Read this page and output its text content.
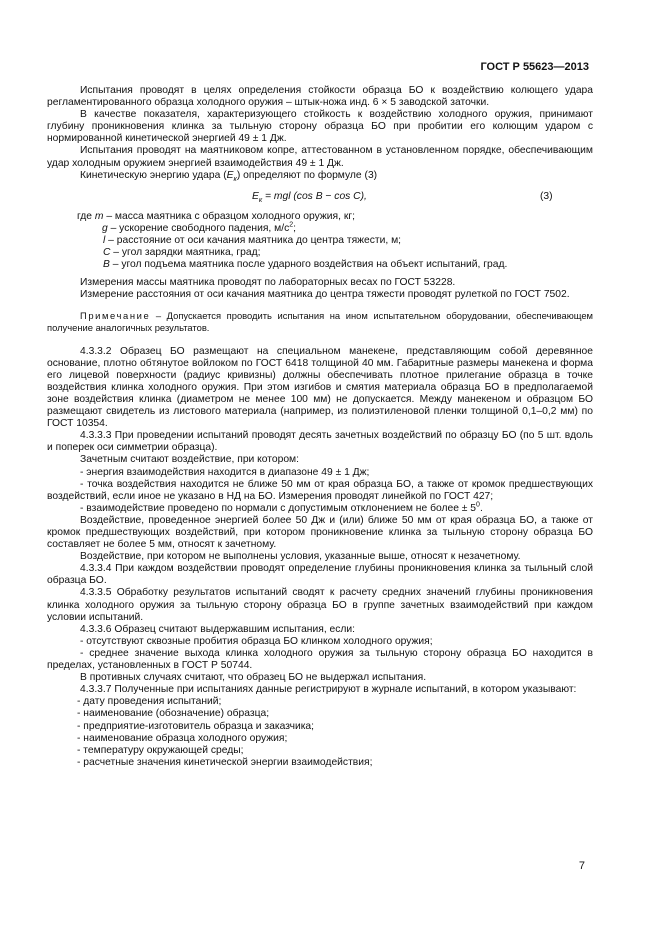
ГОСТ Р 55623—2013

Испытания проводят в целях определения стойкости образца БО к воздействию колющего удара регламентированного образца холодного оружия – штык-ножа инд. 6 × 5 заводской заточки.

В качестве показателя, характеризующего стойкость к воздействию холодного оружия, принимают глубину проникновения клинка за тыльную сторону образца БО при пробитии его колющим ударом с нормированной кинетической энергией 49 ± 1 Дж.

Испытания проводят на маятниковом копре, аттестованном в установленном порядке, обеспечивающим удар холодным оружием энергией взаимодействия 49 ± 1 Дж.

Кинетическую энергию удара $(E_к)$ определяют по формуле (3)

$E_к$ = mgl (cos B − cos C),	(3)

где m – масса маятника с образцом холодного оружия, кг;

g – ускорение свободного падения, $м/с^2$;

l – расстояние от оси качания маятника до центра тяжести, м;

C – угол зарядки маятника, град;

B – угол подъема маятника после ударного воздействия на объект испытаний, град.

Измерения массы маятника проводят по лабораторных весах по ГОСТ 53228.

Измерение расстояния от оси качания маятника до центра тяжести проводят рулеткой по ГОСТ 7502.

Примечание – Допускается проводить испытания на ином испытательном оборудовании, обеспечивающем получение аналогичных результатов.

4.3.3.2 Образец БО размещают на специальном манекене, представляющим собой деревянное основание, плотно обтянутое войлоком по ГОСТ 6418 толщиной 40 мм. Габаритные размеры манекена и форма его лицевой поверхности (радиус кривизны) должны обеспечивать плотное прилегание образца в точке воздействия клинка холодного оружия. При этом изгибов и смятия материала образца БО в предполагаемой зоне воздействия клинка (диаметром не менее 100 мм) не допускается. Между манекеном и образцом БО размещают свидетель из листового материала (например, из полиэтиленовой пленки толщиной 0,1–0,2 мм) по ГОСТ 10354.

4.3.3.3 При проведении испытаний проводят десять зачетных воздействий по образцу БО (по 5 шт. вдоль и поперек оси симметрии образца).

Зачетным считают воздействие, при котором:

- энергия взаимодействия находится в диапазоне 49 ± 1 Дж;

- точка воздействия находится не ближе 50 мм от края образца БО, а также от кромок предшествующих воздействий, если иное не указано в НД на БО. Измерения проводят линейкой по ГОСТ 427;

- взаимодействие проведено по нормали с допустимым отклонением не более ± $5^0$.

Воздействие, проведенное энергией более 50 Дж и (или) ближе 50 мм от края образца БО, а также от кромок предшествующих воздействий, при котором проникновение клинка за тыльную сторону образца БО составляет не более 5 мм, относят к зачетному.

Воздействие, при котором не выполнены условия, указанные выше, относят к незачетному.

4.3.3.4 При каждом воздействии проводят определение глубины проникновения клинка за тыльный слой образца БО.

4.3.3.5 Обработку результатов испытаний сводят к расчету средних значений глубины проникновения клинка холодного оружия за тыльную сторону образца БО в группе зачетных взаимодействий при каждом условии испытаний.

4.3.3.6 Образец считают выдержавшим испытания, если:

- отсутствуют сквозные пробития образца БО клинком холодного оружия;

- среднее значение выхода клинка холодного оружия за тыльную сторону образца БО находится в пределах, установленных в ГОСТ Р 50744.

В противных случаях считают, что образец БО не выдержал испытания.

4.3.3.7 Полученные при испытаниях данные регистрируют в журнале испытаний, в котором указывают:

- дату проведения испытаний;

- наименование (обозначение) образца;

- предприятие-изготовитель образца и заказчика;

- наименование образца холодного оружия;

- температуру окружающей среды;

- расчетные значения кинетической энергии взаимодействия;

7
